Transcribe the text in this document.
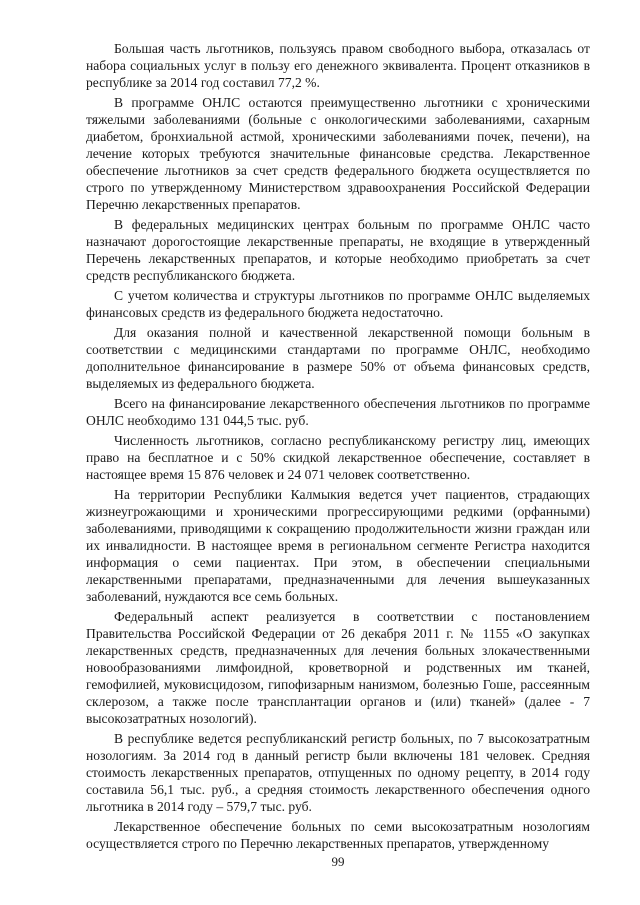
Большая часть льготников, пользуясь правом свободного выбора, отказалась от набора социальных услуг в пользу его денежного эквивалента. Процент отказников в республике за 2014 год составил 77,2 %.

В программе ОНЛС остаются преимущественно льготники с хроническими тяжелыми заболеваниями (больные с онкологическими заболеваниями, сахарным диабетом, бронхиальной астмой, хроническими заболеваниями почек, печени), на лечение которых требуются значительные финансовые средства. Лекарственное обеспечение льготников за счет средств федерального бюджета осуществляется по строго по утвержденному Министерством здравоохранения Российской Федерации Перечню лекарственных препаратов.

В федеральных медицинских центрах больным по программе ОНЛС часто назначают дорогостоящие лекарственные препараты, не входящие в утвержденный Перечень лекарственных препаратов, и которые необходимо приобретать за счет средств республиканского бюджета.

С учетом количества и структуры льготников по программе ОНЛС выделяемых финансовых средств из федерального бюджета недостаточно.

Для оказания полной и качественной лекарственной помощи больным в соответствии с медицинскими стандартами по программе ОНЛС, необходимо дополнительное финансирование в размере 50% от объема финансовых средств, выделяемых из федерального бюджета.

Всего на финансирование лекарственного обеспечения льготников по программе ОНЛС необходимо 131 044,5 тыс. руб.

Численность льготников, согласно республиканскому регистру лиц, имеющих право на бесплатное и с 50% скидкой лекарственное обеспечение, составляет в настоящее время 15 876 человек и 24 071 человек соответственно.

На территории Республики Калмыкия ведется учет пациентов, страдающих жизнеугрожающими и хроническими прогрессирующими редкими (орфанными) заболеваниями, приводящими к сокращению продолжительности жизни граждан или их инвалидности. В настоящее время в региональном сегменте Регистра находится информация о семи пациентах. При этом, в обеспечении специальными лекарственными препаратами, предназначенными для лечения вышеуказанных заболеваний, нуждаются все семь больных.

Федеральный аспект реализуется в соответствии с постановлением Правительства Российской Федерации от 26 декабря 2011 г. № 1155 «О закупках лекарственных средств, предназначенных для лечения больных злокачественными новообразованиями лимфоидной, кроветворной и родственных им тканей, гемофилией, муковисцидозом, гипофизарным нанизмом, болезнью Гоше, рассеянным склерозом, а также после трансплантации органов и (или) тканей» (далее - 7 высокозатратных нозологий).

В республике ведется республиканский регистр больных, по 7 высокозатратным нозологиям. За 2014 год в данный регистр были включены 181 человек. Средняя стоимость лекарственных препаратов, отпущенных по одному рецепту, в 2014 году составила 56,1 тыс. руб., а средняя стоимость лекарственного обеспечения одного льготника в 2014 году – 579,7 тыс. руб.

Лекарственное обеспечение больных по семи высокозатратным нозологиям осуществляется строго по Перечню лекарственных препаратов, утвержденному

99
